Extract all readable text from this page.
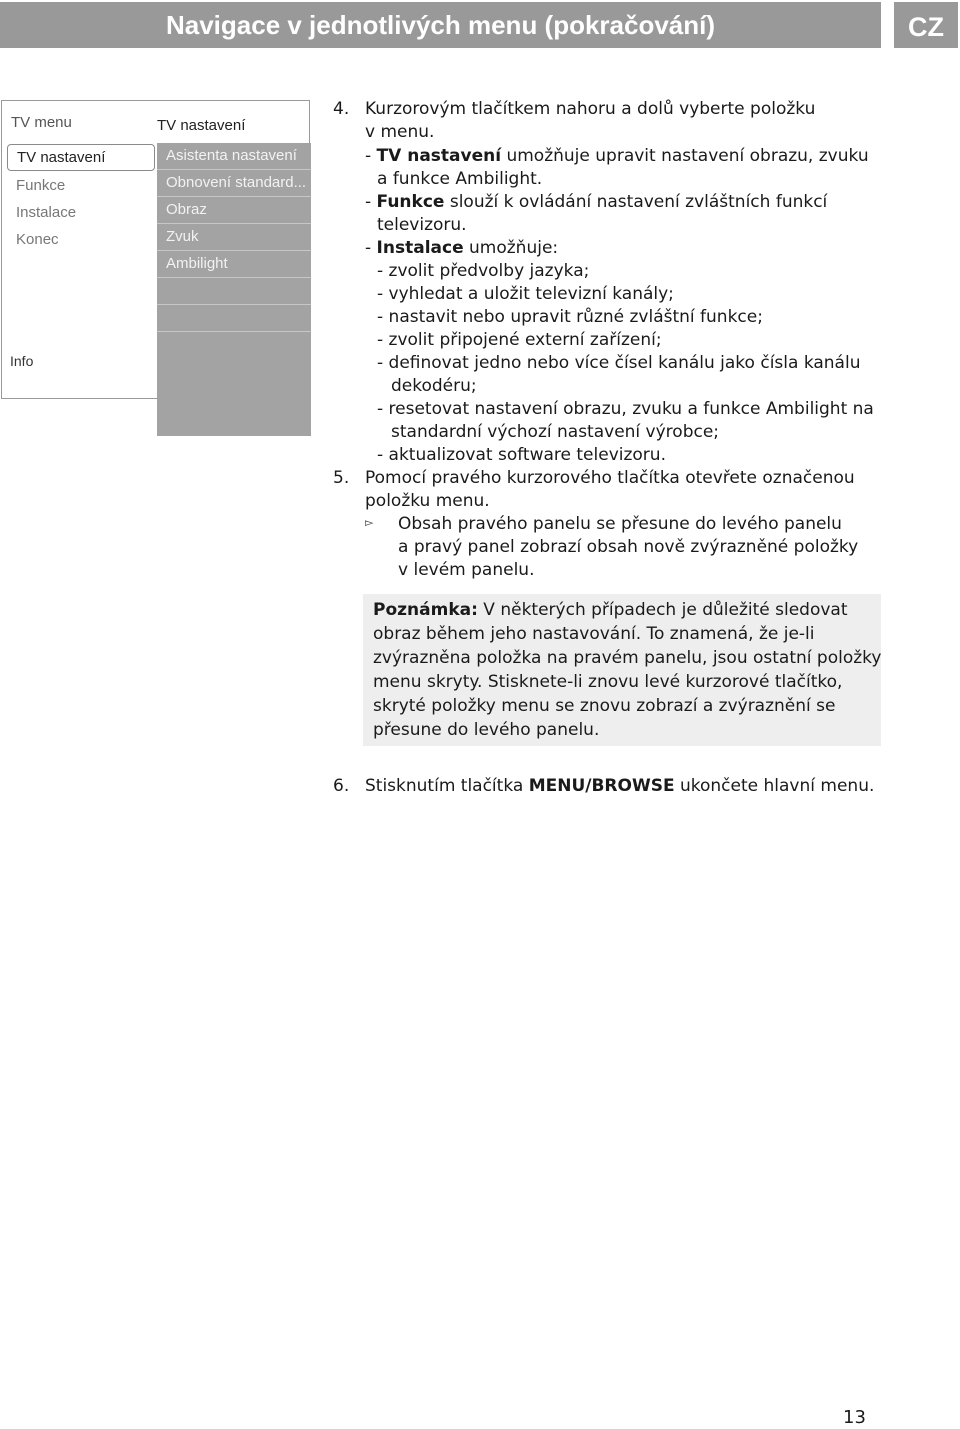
Navigace v jednotlivých menu (pokračování)	CZ
TV menu
TV nastavení
Funkce
Instalace
Konec
TV nastavení
Asistenta nastavení
Obnovení standard...
Obraz
Zvuk
Ambilight
Info
4. Kurzorovým tlačítkem nahoru a dolů vyberte položku
v menu.
- TV nastavení umožňuje upravit nastavení obrazu, zvuku
a funkce Ambilight.
- Funkce slouží k ovládání nastavení zvláštních funkcí
televizoru.
- Instalace umožňuje:
- zvolit předvolby jazyka;
- vyhledat a uložit televizní kanály;
- nastavit nebo upravit různé zvláštní funkce;
- zvolit připojené externí zařízení;
- definovat jedno nebo více čísel kanálu jako čísla kanálu
dekodéru;
- resetovat nastavení obrazu, zvuku a funkce Ambilight na
standardní výchozí nastavení výrobce;
- aktualizovat software televizoru.
5. Pomocí pravého kurzorového tlačítka otevřete označenou
položku menu.
▻ Obsah pravého panelu se přesune do levého panelu
a pravý panel zobrazí obsah nově zvýrazněné položky
v levém panelu.
Poznámka: V některých případech je důležité sledovat
obraz během jeho nastavování. To znamená, že je-li
zvýrazněna položka na pravém panelu, jsou ostatní položky
menu skryty. Stisknete-li znovu levé kurzorové tlačítko,
skryté položky menu se znovu zobrazí a zvýraznění se
přesune do levého panelu.
6. Stisknutím tlačítka MENU/BROWSE ukončete hlavní menu.
13
